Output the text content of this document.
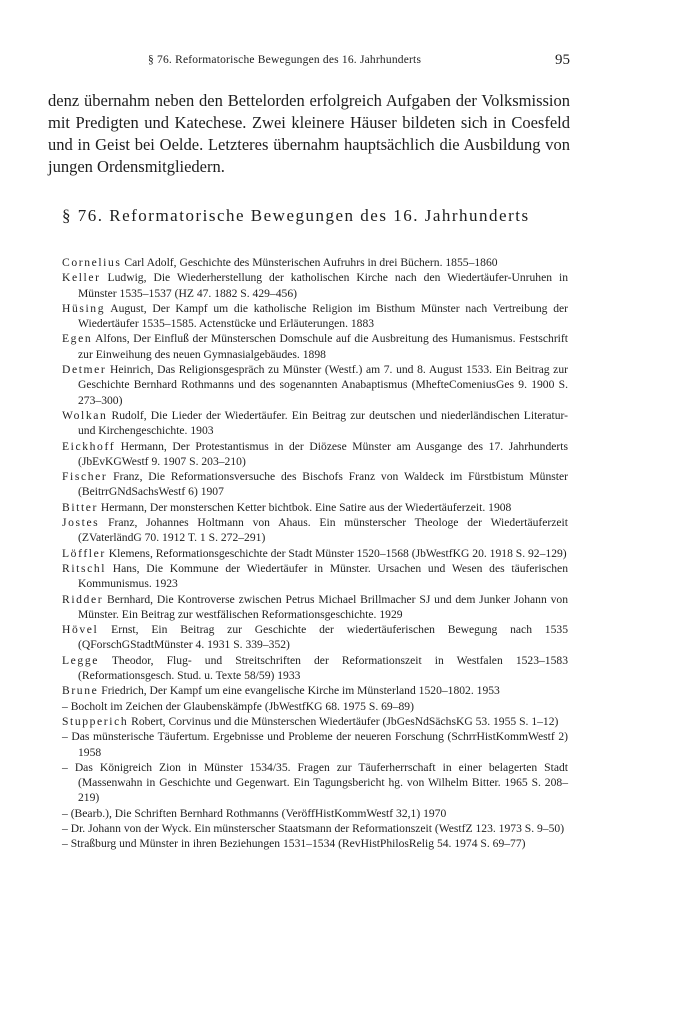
§ 76. Reformatorische Bewegungen des 16. Jahrhunderts	95

denz übernahm neben den Bettelorden erfolgreich Aufgaben der Volksmission mit Predigten und Katechese. Zwei kleinere Häuser bildeten sich in Coesfeld und in Geist bei Oelde. Letzteres übernahm hauptsächlich die Ausbildung von jungen Ordensmitgliedern.

§ 76. Reformatorische Bewegungen des 16. Jahrhunderts
Cornelius Carl Adolf, Geschichte des Münsterischen Aufruhrs in drei Büchern. 1855–1860
Keller Ludwig, Die Wiederherstellung der katholischen Kirche nach den Wiedertäufer-Unruhen in Münster 1535–1537 (HZ 47. 1882 S. 429–456)
Hüsing August, Der Kampf um die katholische Religion im Bisthum Münster nach Vertreibung der Wiedertäufer 1535–1585. Actenstücke und Erläuterungen. 1883
Egen Alfons, Der Einfluß der Münsterschen Domschule auf die Ausbreitung des Humanismus. Festschrift zur Einweihung des neuen Gymnasialgebäudes. 1898
Detmer Heinrich, Das Religionsgespräch zu Münster (Westf.) am 7. und 8. August 1533. Ein Beitrag zur Geschichte Bernhard Rothmanns und des sogenannten Anabaptismus (MhefteComeniusGes 9. 1900 S. 273–300)
Wolkan Rudolf, Die Lieder der Wiedertäufer. Ein Beitrag zur deutschen und niederländischen Literatur- und Kirchengeschichte. 1903
Eickhoff Hermann, Der Protestantismus in der Diözese Münster am Ausgange des 17. Jahrhunderts (JbEvKGWestf 9. 1907 S. 203–210)
Fischer Franz, Die Reformationsversuche des Bischofs Franz von Waldeck im Fürstbistum Münster (BeitrrGNdSachsWestf 6) 1907
Bitter Hermann, Der monsterschen Ketter bichtbok. Eine Satire aus der Wiedertäuferzeit. 1908
Jostes Franz, Johannes Holtmann von Ahaus. Ein münsterscher Theologe der Wiedertäuferzeit (ZVaterländG 70. 1912 T. 1 S. 272–291)
Löffler Klemens, Reformationsgeschichte der Stadt Münster 1520–1568 (JbWestfKG 20. 1918 S. 92–129)
Ritschl Hans, Die Kommune der Wiedertäufer in Münster. Ursachen und Wesen des täuferischen Kommunismus. 1923
Ridder Bernhard, Die Kontroverse zwischen Petrus Michael Brillmacher SJ und dem Junker Johann von Münster. Ein Beitrag zur westfälischen Reformationsgeschichte. 1929
Hövel Ernst, Ein Beitrag zur Geschichte der wiedertäuferischen Bewegung nach 1535 (QForschGStadtMünster 4. 1931 S. 339–352)
Legge Theodor, Flug- und Streitschriften der Reformationszeit in Westfalen 1523–1583 (Reformationsgesch. Stud. u. Texte 58/59) 1933
Brune Friedrich, Der Kampf um eine evangelische Kirche im Münsterland 1520–1802. 1953
– Bocholt im Zeichen der Glaubenskämpfe (JbWestfKG 68. 1975 S. 69–89)
Stupperich Robert, Corvinus und die Münsterschen Wiedertäufer (JbGesNdSächsKG 53. 1955 S. 1–12)
– Das münsterische Täufertum. Ergebnisse und Probleme der neueren Forschung (SchrrHistKommWestf 2) 1958
– Das Königreich Zion in Münster 1534/35. Fragen zur Täuferherrschaft in einer belagerten Stadt (Massenwahn in Geschichte und Gegenwart. Ein Tagungsbericht hg. von Wilhelm Bitter. 1965 S. 208–219)
– (Bearb.), Die Schriften Bernhard Rothmanns (VeröffHistKommWestf 32,1) 1970
– Dr. Johann von der Wyck. Ein münsterscher Staatsmann der Reformationszeit (WestfZ 123. 1973 S. 9–50)
– Straßburg und Münster in ihren Beziehungen 1531–1534 (RevHistPhilosRelig 54. 1974 S. 69–77)
